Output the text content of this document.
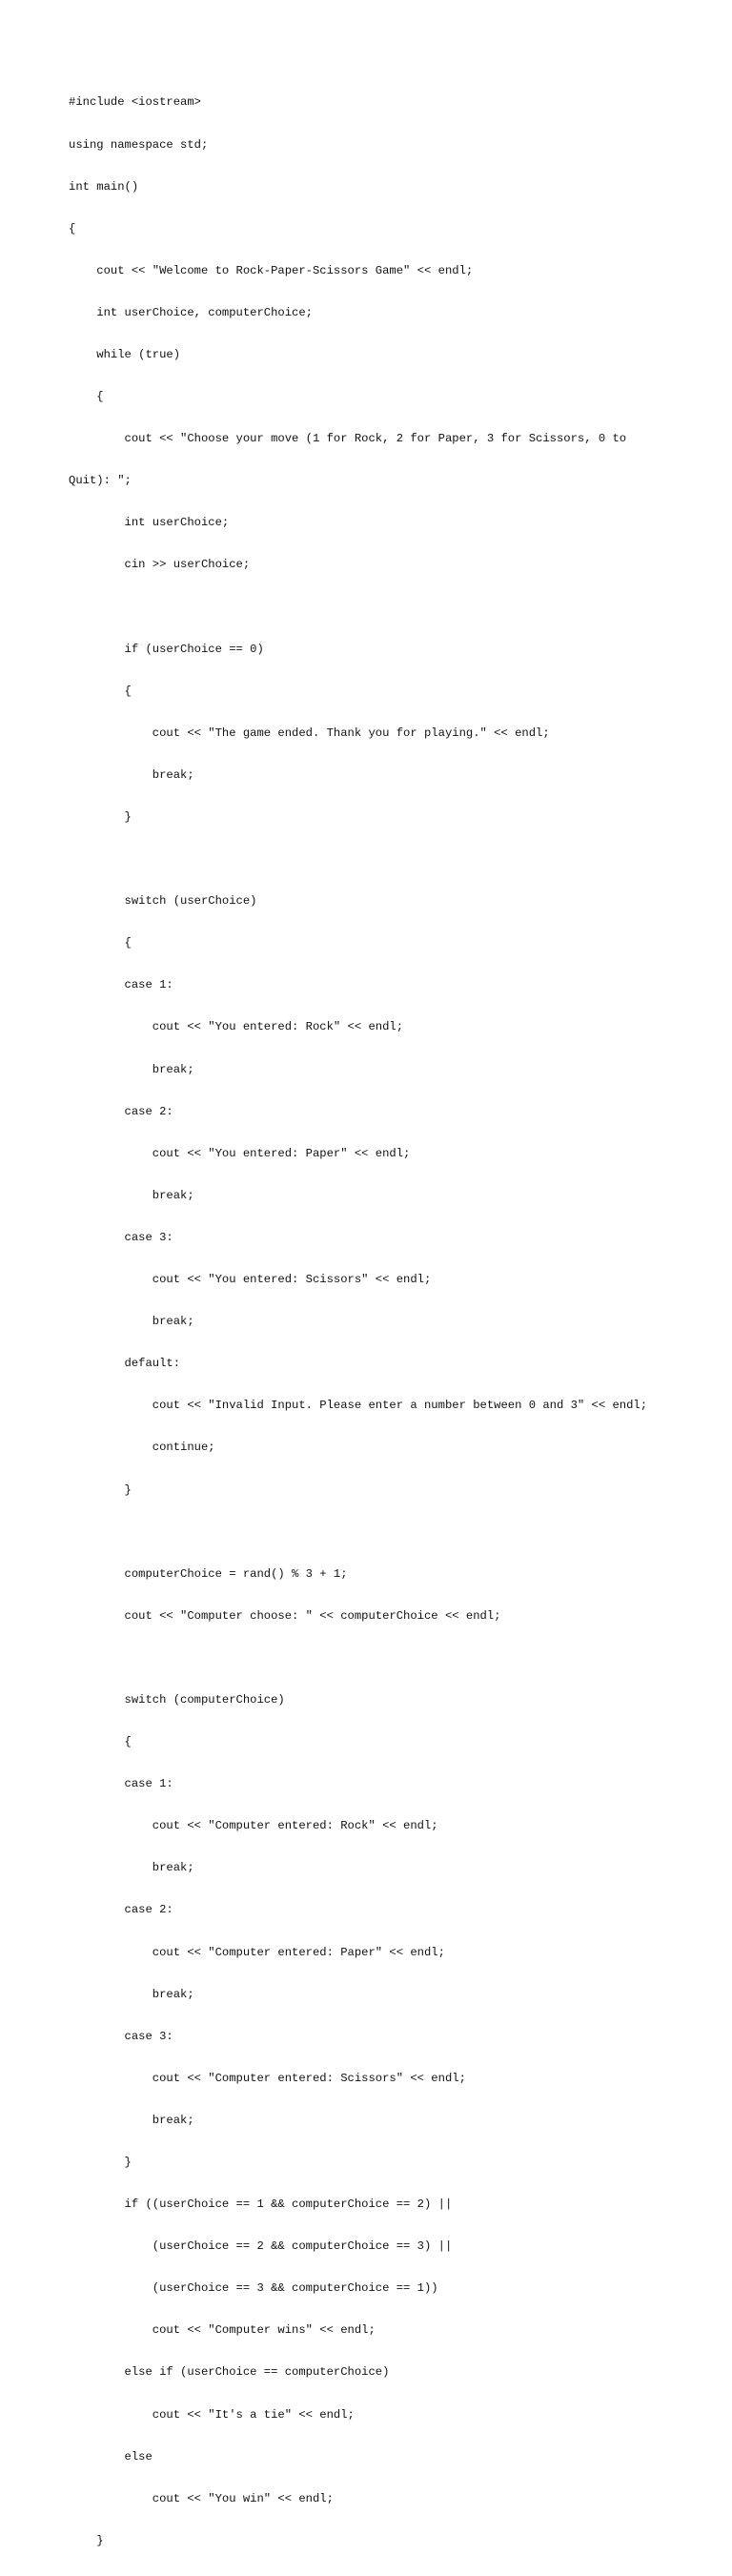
#include <iostream>

using namespace std;

int main()

{

cout << "Welcome to Rock-Paper-Scissors Game" << endl;

int userChoice, computerChoice;

while (true)

{

cout << "Choose your move (1 for Rock, 2 for Paper, 3 for Scissors, 0 to

Quit): ";

int userChoice;

cin >> userChoice;

if (userChoice == 0)

{

cout << "The game ended. Thank you for playing." << endl;

break;

}

switch (userChoice)

{

case 1:

cout << "You entered: Rock" << endl;

break;

case 2:

cout << "You entered: Paper" << endl;

break;

case 3:

cout << "You entered: Scissors" << endl;

break;

default:

cout << "Invalid Input. Please enter a number between 0 and 3" << endl;

continue;

}

computerChoice = rand() % 3 + 1;

cout << "Computer choose: " << computerChoice << endl;

switch (computerChoice)

{

case 1:

cout << "Computer entered: Rock" << endl;

break;

case 2:

cout << "Computer entered: Paper" << endl;

break;

case 3:

cout << "Computer entered: Scissors" << endl;

break;

}

if ((userChoice == 1 && computerChoice == 2) ||

(userChoice == 2 && computerChoice == 3) ||

(userChoice == 3 && computerChoice == 1))

cout << "Computer wins" << endl;

else if (userChoice == computerChoice)

cout << "It's a tie" << endl;

else

cout << "You win" << endl;

}
